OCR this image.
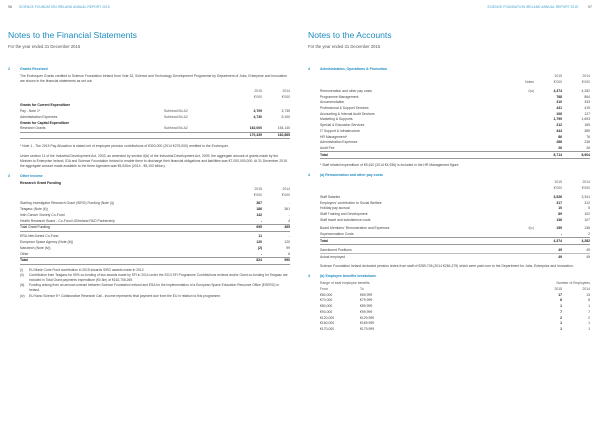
96 SCIENCE FOUNDATION IRELAND ANNUAL REPORT 2015
Notes to the Financial Statements
For the year ended 31 December 2015
2	Grants Received
The Exchequer Grants credited to Science Foundation Ireland from Vote 32, Science and Technology Development Programme by Department of Jobs, Enterprise and Innovation are shown in the financial statements as set out:
		2015	2014
		€'000	€'000

Grants for Current Expenditure			
Pay - Note 1*	Subhead B4.A2	3,709	3,735
Administration Expenses	Subhead B4.A2	4,730	5,100
Grants for Capital Expenditure			
Research Grants	Subhead B4.A2	162,000	154,140
		170,439	162,865
* Note 1 - The 2015 Pay Allocation is stated net of employee pension contributions of €303,000 (2014 €276,000) remitted to the Exchequer.
Under section 11 of the Industrial Development Act, 2003, as amended by section 6(b) of the Industrial Development Act, 2009, the aggregate amount of grants made by the Minister to Enterprise Ireland, IDA and Science Foundation Ireland to enable them to discharge their financial obligations and liabilities was €7,000,000,000. At 31 December 2015 the aggregate amount made available to the three Agencies was €5,526m (2014 - €5,190 billion).
3	Other Income
Research Grant Funding
	2015	2014
	€'000	€'000

Starting Investigator Research Grant (SIRG) Funding (Note (i))	367	-
Teagasc (Note (ii))	186	361
Irish Cancer Society Co-Fund	142	-
Health Research Board - Co-Fund US/Ireland R&D Partnership	-	4
Total Grant Funding	695	365

ERA-Net/Joined Co-Fund	11	-
European Space Agency (Note (iii))	120	120
Nanotech (Note (iv))	(2)	99
Other	-	6
Total	824	590
(i)	EU Marie Curie Fund contribution in 2015 towards SIRG awards made in 2012.
(ii)	Contribution from Teagasc for 50% co-funding of two awards made by SFI in 2014 under the 2013 SFI Programme Contributions reviews and/or Grant co-funding for Teagasc are included in Total Grant payments expenditure (€0.5m) of €162,706,269.
(iii)	Funding arising from an annual contract between Science Foundation Ireland and ESA for the implementation of a European Space Education Resource Office (ESERO) in Ireland.
(iv)	EU Nano Science E+ Collaborative Research Call - income represents final payment due from the EU in relation to this programme.
97
SCIENCE FOUNDATION IRELAND ANNUAL REPORT 2015
Notes to the Accounts
For the year ended 31 December 2015
4	Administration, Operations & Promotion
		2015	2014
	Notes	€'000	€'000

Remuneration and other pay costs	4(a)	4,374	4,282
Programme Management		768	864
Accommodation		310	333
Professional & Support Services		431	419
Accounting & Internal Audit Services		106	127
Marketing & Supports		1,799	1,693
Special & Education Services		212	169
IT Support & Infrastructure		344	389
HR Management*		86	76
Administration Expenses		288	236
Audit Fee		26	26
Total		8,714	8,904
* Staff related expenditure of €5,610 (2014 €4,936) is included in the HR Management figure.
4	(a) Remuneration and other pay costs
		2015	2014
		€'000	€'000

Staff Salaries		3,526	3,341
Employers' contribution to Social Welfare		317	312
Holiday pay accrual		10	5
Staff Training and Development		89	102
Staff travel and subsistence costs		136	107

Board Members' Remuneration and Expenses	4(c)	159	136
Superannuation Costs		-	2
Total		4,374	4,282

Sanctioned Positions		49	49
Actual employed		49	49
Science Foundation Ireland deducted pension levies from staff of €289,705 (2014 €284,279) which were paid over to the Department for Jobs, Enterprise and Innovation.
4	(b) Employee benefits breakdown
Range of total employee benefits		Number of Employees	
From	To	2015	2014
€60,000	€69,999	17	13
€70,000	€79,999	6	8
€80,000	€89,999	1	1
€90,000	€99,999	7	7
€120,000	€129,999	2	2
€160,000	€169,999	1	1
€170,000	€179,999	1	1
